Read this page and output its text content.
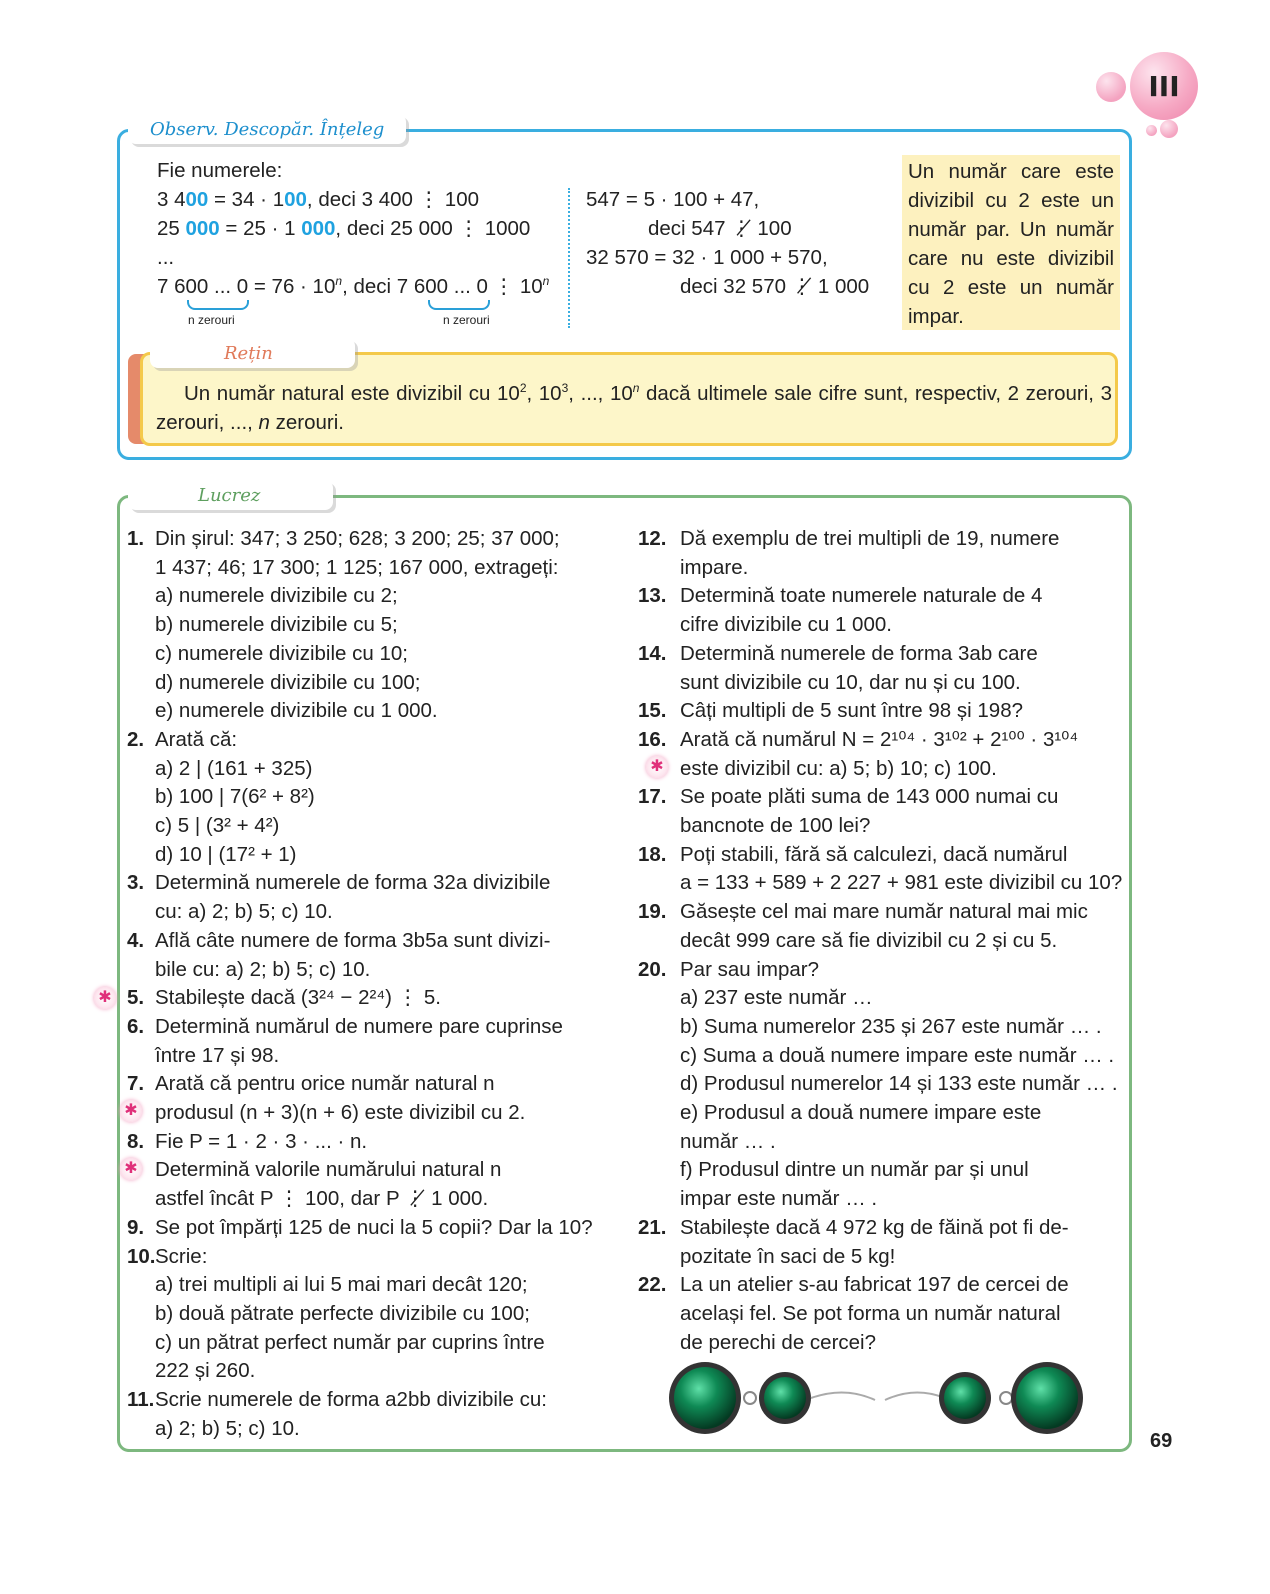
III
Observ. Descopăr. Înțeleg
Fie numerele:
3 400 = 34 · 100, deci 3 400 ⋮ 100
25 000 = 25 · 1 000, deci 25 000 ⋮ 1000
...
7 600 ... $0 = 76 \cdot 10^n$, deci 7 600 ... 0 ⋮ 10$^n$
n zerouri	n zerouri
547 = 5 · 100 + 47,
deci 547 ⋮̸ 100
32 570 = 32 · 1 000 + 570,
deci 32 570 ⋮̸ 1 000
Un număr care este divizibil cu 2 este un număr par. Un număr care nu este divizibil cu 2 este un număr impar.
Rețin
Un număr natural este divizibil cu $10^2$, $10^3$, ..., 10$^n$ dacă ultimele sale cifre sunt, respectiv, 2 zerouri, 3 zerouri, ..., n zerouri.
Lucrez
1. Din șirul: 347; 3 250; 628; 3 200; 25; 37 000;
1 437; 46; 17 300; 1 125; 167 000, extrageți:
a) numerele divizibile cu 2;
b) numerele divizibile cu 5;
c) numerele divizibile cu 10;
d) numerele divizibile cu 100;
e) numerele divizibile cu 1 000.
2. Arată că:
a) 2 | (161 + 325)
b) 100 | 7(6² + 8²)
c) 5 | (3² + 4²)
d) 10 | (17² + 1)
3. Determină numerele de forma 32a divizibile
cu: a) 2; b) 5; c) 10.
4. Află câte numere de forma 3b5a sunt divizi-
bile cu: a) 2; b) 5; c) 10.
5. Stabilește dacă (3²⁴ − 2²⁴) ⋮ 5.
6. Determină numărul de numere pare cuprinse
între 17 și 98.
7. Arată că pentru orice număr natural n
produsul (n + 3)(n + 6) este divizibil cu 2.
8. Fie P = 1 · 2 · 3 · ... · n.
Determină valorile numărului natural n
astfel încât P ⋮ 100, dar P ⋮̸ 1 000.
9. Se pot împărți 125 de nuci la 5 copii? Dar la 10?
10. Scrie:
a) trei multipli ai lui 5 mai mari decât 120;
b) două pătrate perfecte divizibile cu 100;
c) un pătrat perfect număr par cuprins între
222 și 260.
11. Scrie numerele de forma a2bb divizibile cu:
a) 2; b) 5; c) 10.
12. Dă exemplu de trei multipli de 19, numere
impare.
13. Determină toate numerele naturale de 4
cifre divizibile cu 1 000.
14. Determină numerele de forma 3ab care
sunt divizibile cu 10, dar nu și cu 100.
15. Câți multipli de 5 sunt între 98 și 198?
16. Arată că numărul N = 2¹⁰⁴ · 3¹⁰² + 2¹⁰⁰ · 3¹⁰⁴
este divizibil cu: a) 5; b) 10; c) 100.
17. Se poate plăti suma de 143 000 numai cu
bancnote de 100 lei?
18. Poți stabili, fără să calculezi, dacă numărul
a = 133 + 589 + 2 227 + 981 este divizibil cu 10?
19. Găsește cel mai mare număr natural mai mic
decât 999 care să fie divizibil cu 2 și cu 5.
20. Par sau impar?
a) 237 este număr …
b) Suma numerelor 235 și 267 este număr … .
c) Suma a două numere impare este număr … .
d) Produsul numerelor 14 și 133 este număr … .
e) Produsul a două numere impare este
număr … .
f) Produsul dintre un număr par și unul
impar este număr … .
21. Stabilește dacă 4 972 kg de făină pot fi de-
pozitate în saci de 5 kg!
22. La un atelier s-au fabricat 197 de cercei de
același fel. Se pot forma un număr natural
de perechi de cercei?
✱
✱
✱
✱
69
